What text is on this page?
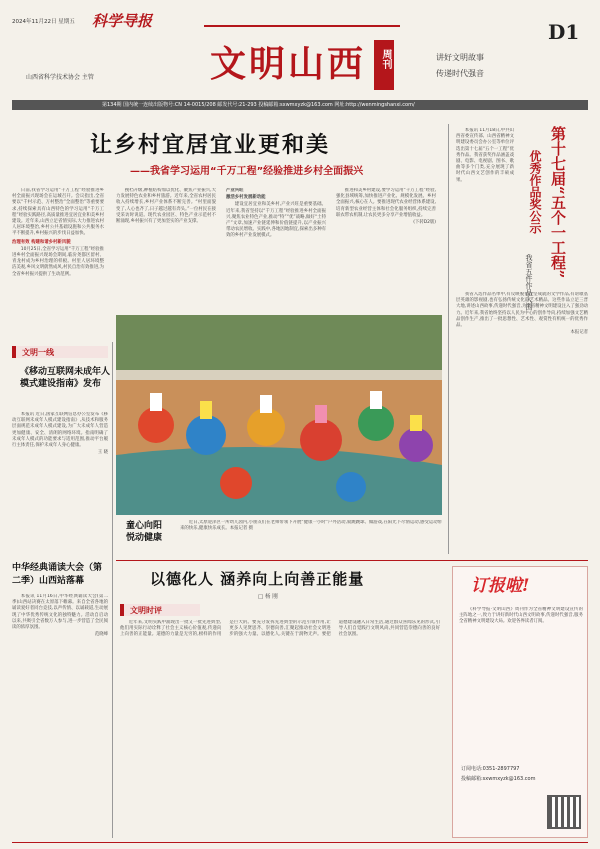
2024年11月22日 星期五 科学导报
文明山西 周刊
D1
讲好文明故事
传递时代强音
山西省科学技术协会 主管
第134期 国内统一连续出版物号:CN 14-0015/208 邮发代号:21-293 投稿邮箱:sxwmxyzk@163.com 网址:http://wenmingshanxi.com/
让乡村宜居宜业更和美
——我省学习运用“千万工程”经验推进乡村全面振兴

日前,我省学习运用“千万工程”经验推进乡村全面振兴现场会在运城召开。会议指出,全省要以“千村示范、万村整治”全面整治”等重要要求,持续探索具有山西特色的学习运用“千万工程”经验实践路径,高质量推进宜居宜业和美乡村建设。近年来,山西立足省情实际,大力推进农村人居环境整治,乡村公共基础设施和公共服务水平不断提升,乡村振兴的步伐日益加快。

治理有效 构建和谐乡村新风貌

10月25日,全省学习运用“千万工程”经验推进乡村全面振兴现场会期间,临汾尧都区留村、青龙村成为乡村治理的样板。村里人居环境整洁美观,乡风文明蔚然成风,村民自治有效推进,为全省乡村振兴提供了生动范例。

搜档升级,种植结构加以优化、聚焦产业振兴,大力发展特色农业和乡村旅游。近年来,全省农村居民收入持续增长,乡村产业体系不断完善。“村里面貌变了,人心也齐了,日子越过越有奔头。”一位村民在接受采访时说道。现代农业园区、特色产业示范村不断涌现,乡村振兴有了更加坚实的产业支撑。

产业兴旺

激活乡村发展新动能

建设宜居宜业和美乡村,产业兴旺是重要基础。近年来,我省坚持以“千万工程”经验推进乡村全面振兴,聚焦农业特色产业,推动“特”“优”战略,做好“土特产”文章,加速产业链延伸和价值链提升,以产业振兴带动农民增收。实践中,各地因地制宜,探索出多种有效的乡村产业发展模式。

推进和美乡村建设,要学习运用“千万工程”经验,强化县域统筹,加快推进产业化、规模化发展。乡村全面振兴,核心在人。要推进现代农业经营体系建设,培育新型农业经营主体和社会化服务组织,持续完善联农带农机制,让农民更多分享产业增值收益。

(下转D2版)

本报讯 11月18日,中共山西省委宣传部、山西省精神文明建设委员会办公室等单位评选出第十七届“五个一工程”优秀作品。我省获奖作品涵盖戏剧、电影、电视剧、图书、歌曲等多个门类,充分展现了新时代山西文艺创作的丰硕成果。	第十七届“五个一工程”
优秀作品奖公示
我省五件作品入围

我省入选作品名单中,有反映脱贫攻坚成就的文学作品,有讴歌基层英雄的影视剧,也有弘扬传统文化的艺术精品。这些作品立足三晋大地,讲述山西故事,传递时代强音,为全省精神文明建设注入了强劲动力。近年来,我省始终坚持以人民为中心的创作导向,持续加强文艺精品创作生产,推出了一批思想性、艺术性、观赏性有机统一的优秀作品。

本报记者

文明一线
《移动互联网未成年人模式建设指南》发布

本报讯 近日,国家互联网信息办公室发布《移动互联网未成年人模式建设指南》,从技术和服务层面规范未成年人模式建设,为广大未成年人营造更加健康、安全、清朗的网络环境。指南明确了未成年人模式的功能要求与适用范围,推动平台履行主体责任,保护未成年人身心健康。

王 晓

中华经典诵读大会（第二季）山西站落幕

本报讯 11月16日,中华经典诵读大会(第二季)山西站决赛在太原落下帷幕。来自全省各地的诵读爱好者同台竞技,以声传情、以诵载道,生动展现了中华优秀传统文化的独特魅力。活动自启动以来,共吸引全省数万人参与,进一步营造了全民阅读的浓厚氛围。

范晓峰

童心向阳
悦动健康

近日,太原迎泽区一所幼儿园内,小朋友们在老师带领下开展“健康一小时”户外活动,骑跳跳球、做游戏,在阳光下尽情运动,感受运动带来的快乐,健康快乐成长。本报记者 摄

以德化人 涵养向上向善正能量
□ 杨 刚
文明时评

近年来,文明实践中涌现出一批又一批先进典型,他们用实际行动诠释了社会主义核心价值观,传递向上向善的正能量。道德的力量是无穷的,榜样的作用是巨大的。要充分发挥先进典型的示范引领作用,让更多人见贤思齐、崇德向善,汇聚起推动社会文明进步的强大力量。以德化人,关键在于润物无声。要把道德建设融入日常生活,通过群众喜闻乐见的形式,引导人们自觉践行文明风尚,共同营造崇德向善的良好社会氛围。

订报啦!

《科学导报·文明山西》周刊作为全省精神文明建设宣传的主阵地之一,致力于讲好新时代山西文明故事,传递时代强音,服务全省精神文明建设大局。欢迎各界读者订阅。

订阅电话:0351-2897797
投稿邮箱:sxwmxyzk@163.com
